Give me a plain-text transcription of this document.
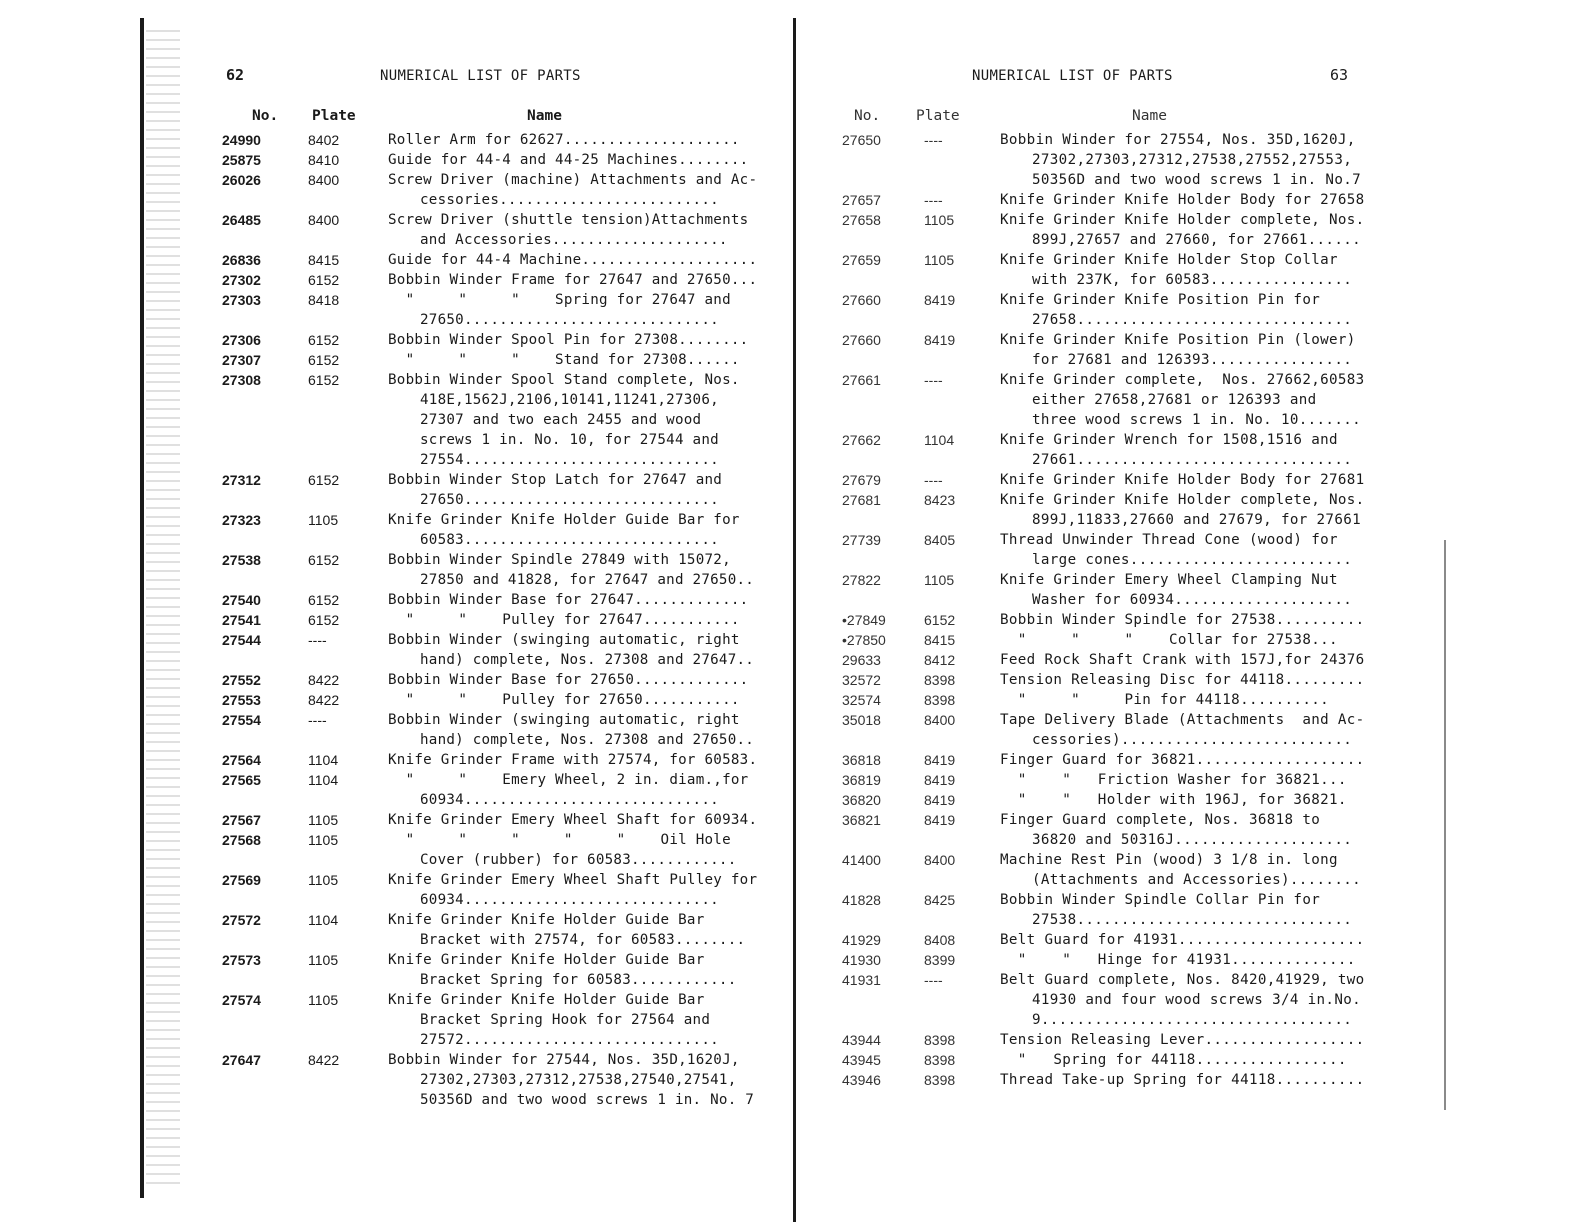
62	NUMERICAL LIST OF PARTS
No. Plate	Name
24990	8402	Roller Arm for 62627....................
25875	8410	Guide for 44-4 and 44-25 Machines........
26026	8400	Screw Driver (machine) Attachments and Ac-
cessories.........................
26485	8400	Screw Driver (shuttle tension)Attachments
and Accessories....................
26836	8415	Guide for 44-4 Machine....................
27302	6152	Bobbin Winder Frame for 27647 and 27650...
27303	8418	"     "     "    Spring for 27647 and
27650.............................
27306	6152	Bobbin Winder Spool Pin for 27308........
27307	6152	"     "     "    Stand for 27308......
27308	6152	Bobbin Winder Spool Stand complete, Nos.
418E,1562J,2106,10141,11241,27306,
27307 and two each 2455 and wood
screws 1 in. No. 10, for 27544 and
27554.............................
27312	6152	Bobbin Winder Stop Latch for 27647 and
27650.............................
27323	1105	Knife Grinder Knife Holder Guide Bar for
60583.............................
27538	6152	Bobbin Winder Spindle 27849 with 15072,
27850 and 41828, for 27647 and 27650..
27540	6152	Bobbin Winder Base for 27647.............
27541	6152	"     "    Pulley for 27647...........
27544	----	Bobbin Winder (swinging automatic, right
hand) complete, Nos. 27308 and 27647..
27552	8422	Bobbin Winder Base for 27650.............
27553	8422	"     "    Pulley for 27650...........
27554	----	Bobbin Winder (swinging automatic, right
hand) complete, Nos. 27308 and 27650..
27564	1104	Knife Grinder Frame with 27574, for 60583.
27565	1104	"     "    Emery Wheel, 2 in. diam.,for
60934.............................
27567	1105	Knife Grinder Emery Wheel Shaft for 60934.
27568	1105	"     "     "     "     "    Oil Hole
Cover (rubber) for 60583............
27569	1105	Knife Grinder Emery Wheel Shaft Pulley for
60934.............................
27572	1104	Knife Grinder Knife Holder Guide Bar
Bracket with 27574, for 60583........
27573	1105	Knife Grinder Knife Holder Guide Bar
Bracket Spring for 60583............
27574	1105	Knife Grinder Knife Holder Guide Bar
Bracket Spring Hook for 27564 and
27572.............................
27647	8422	Bobbin Winder for 27544, Nos. 35D,1620J,
27302,27303,27312,27538,27540,27541,
50356D and two wood screws 1 in. No. 7
NUMERICAL LIST OF PARTS	63
No. Plate	Name
27650	----	Bobbin Winder for 27554, Nos. 35D,1620J,
27302,27303,27312,27538,27552,27553,
50356D and two wood screws 1 in. No.7
27657	----	Knife Grinder Knife Holder Body for 27658
27658	1105	Knife Grinder Knife Holder complete, Nos.
899J,27657 and 27660, for 27661......
27659	1105	Knife Grinder Knife Holder Stop Collar
with 237K, for 60583................
27660	8419	Knife Grinder Knife Position Pin for
27658...............................
27660	8419	Knife Grinder Knife Position Pin (lower)
for 27681 and 126393................
27661	----	Knife Grinder complete,  Nos. 27662,60583
either 27658,27681 or 126393 and
three wood screws 1 in. No. 10.......
27662	1104	Knife Grinder Wrench for 1508,1516 and
27661...............................
27679	----	Knife Grinder Knife Holder Body for 27681
27681	8423	Knife Grinder Knife Holder complete, Nos.
899J,11833,27660 and 27679, for 27661
27739	8405	Thread Unwinder Thread Cone (wood) for
large cones.........................
27822	1105	Knife Grinder Emery Wheel Clamping Nut
Washer for 60934....................
•27849	6152	Bobbin Winder Spindle for 27538..........
•27850	8415	"     "     "    Collar for 27538...
29633	8412	Feed Rock Shaft Crank with 157J,for 24376
32572	8398	Tension Releasing Disc for 44118.........
32574	8398	"     "     Pin for 44118..........
35018	8400	Tape Delivery Blade (Attachments  and Ac-
cessories)..........................
36818	8419	Finger Guard for 36821...................
36819	8419	"    "   Friction Washer for 36821...
36820	8419	"    "   Holder with 196J, for 36821.
36821	8419	Finger Guard complete, Nos. 36818 to
36820 and 50316J....................
41400	8400	Machine Rest Pin (wood) 3 1/8 in. long
(Attachments and Accessories)........
41828	8425	Bobbin Winder Spindle Collar Pin for
27538...............................
41929	8408	Belt Guard for 41931.....................
41930	8399	"    "   Hinge for 41931..............
41931	----	Belt Guard complete, Nos. 8420,41929, two
41930 and four wood screws 3/4 in.No.
9...................................
43944	8398	Tension Releasing Lever..................
43945	8398	"   Spring for 44118.................
43946	8398	Thread Take-up Spring for 44118..........
